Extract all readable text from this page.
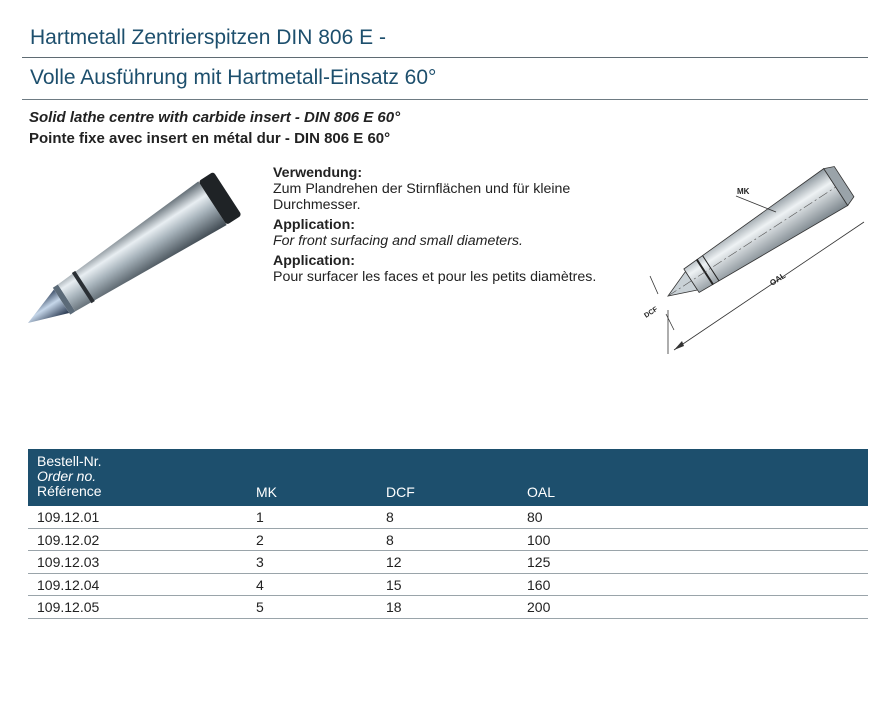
Hartmetall Zentrierspitzen DIN 806 E -
Volle Ausführung mit Hartmetall-Einsatz 60°
Solid lathe centre with carbide insert - DIN 806 E 60°
Pointe fixe avec insert en métal dur - DIN 806 E 60°
Verwendung:
Zum Plandrehen der Stirnflächen und für kleine Durchmesser.
Application:
For front surfacing and small diameters.
Application:
Pour surfacer les faces et pour les petits diamètres.
MK
OAL
DCF
Bestell-Nr.
Order no.
Référence	MK	DCF	OAL
109.12.01	1	8	80
109.12.02	2	8	100
109.12.03	3	12	125
109.12.04	4	15	160
109.12.05	5	18	200
